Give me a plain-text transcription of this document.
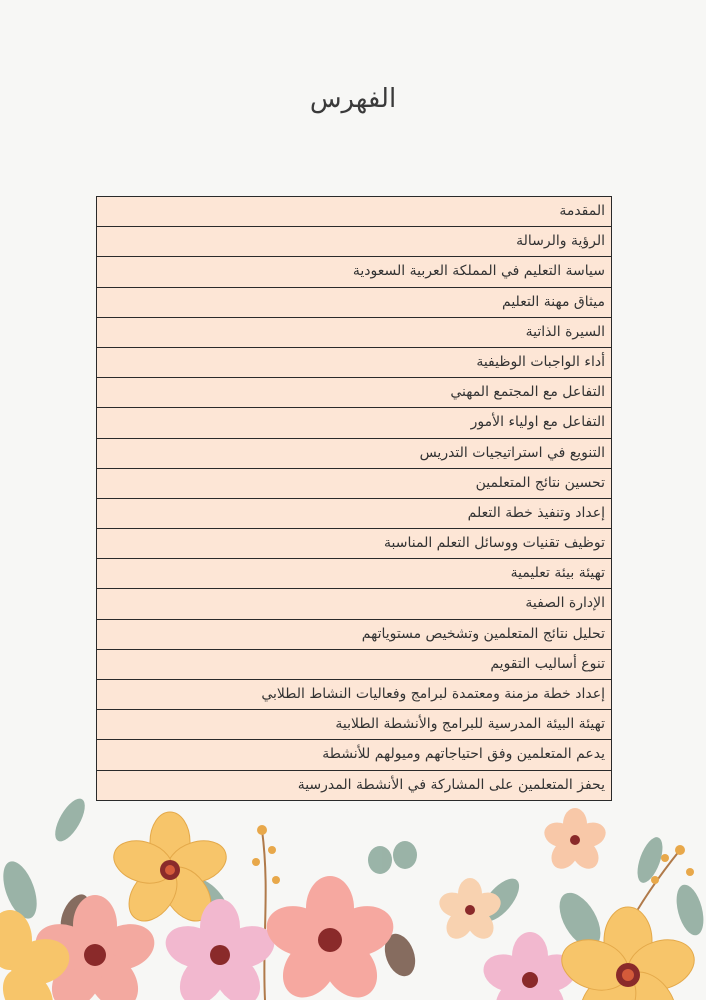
الفهرس
المقدمة
الرؤية والرسالة
سياسة التعليم في المملكة العربية السعودية
ميثاق مهنة التعليم
السيرة الذاتية
أداء الواجبات الوظيفية
التفاعل مع المجتمع المهني
التفاعل مع اولياء الأمور
التنويع في استراتيجيات التدريس
تحسين نتائج المتعلمين
إعداد وتنفيذ خطة التعلم
توظيف تقنيات ووسائل التعلم المناسبة
تهيئة بيئة تعليمية
الإدارة الصفية
تحليل نتائج المتعلمين وتشخيص مستوياتهم
تنوع أساليب التقويم
إعداد خطة مزمنة ومعتمدة لبرامج وفعاليات النشاط الطلابي
تهيئة البيئة المدرسية للبرامج والأنشطة الطلابية
يدعم المتعلمين وفق احتياجاتهم وميولهم للأنشطة
يحفز المتعلمين على المشاركة في الأنشطة المدرسية
